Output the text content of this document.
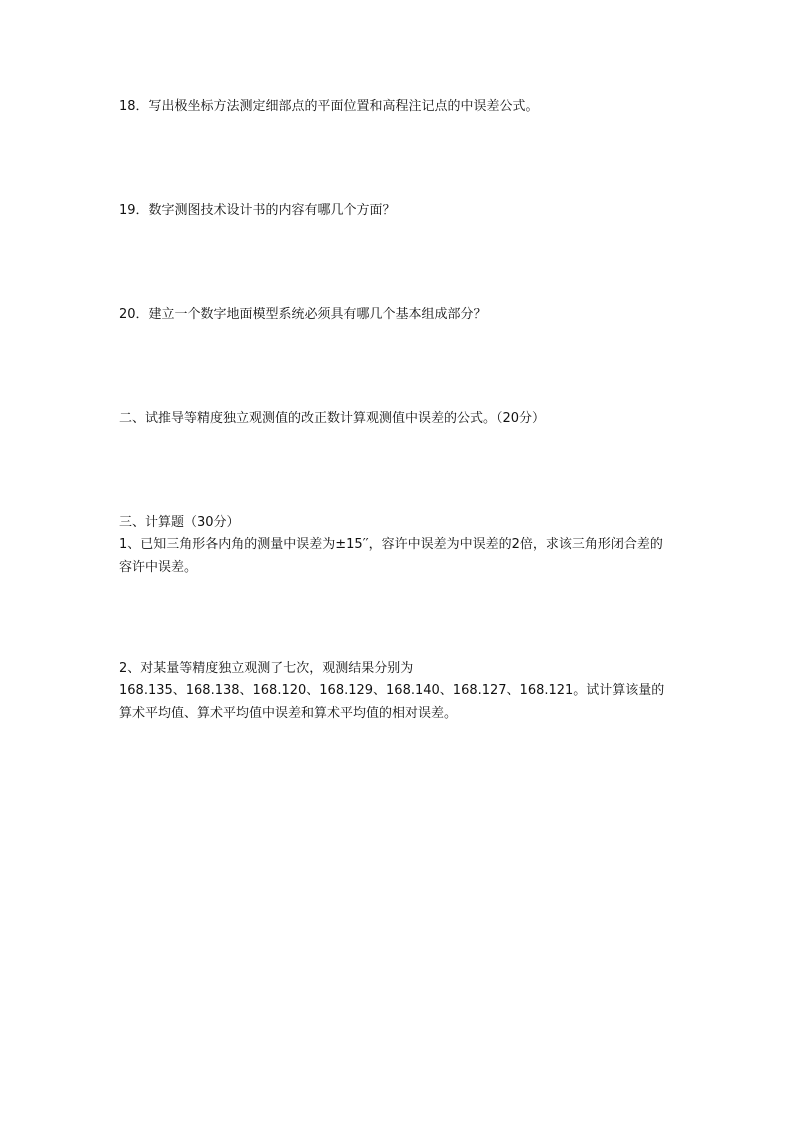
18．写出极坐标方法测定细部点的平面位置和高程注记点的中误差公式。
19．数字测图技术设计书的内容有哪几个方面？
20．建立一个数字地面模型系统必须具有哪几个基本组成部分？
二、试推导等精度独立观测值的改正数计算观测值中误差的公式。（20分）
三、计算题（30分）
1、已知三角形各内角的测量中误差为±15′′，容许中误差为中误差的2倍，求该三角形闭合差的容许中误差。
2、对某量等精度独立观测了七次，观测结果分别为
168.135、168.138、168.120、168.129、168.140、168.127、168.121。试计算该量的算术平均值、算术平均值中误差和算术平均值的相对误差。
